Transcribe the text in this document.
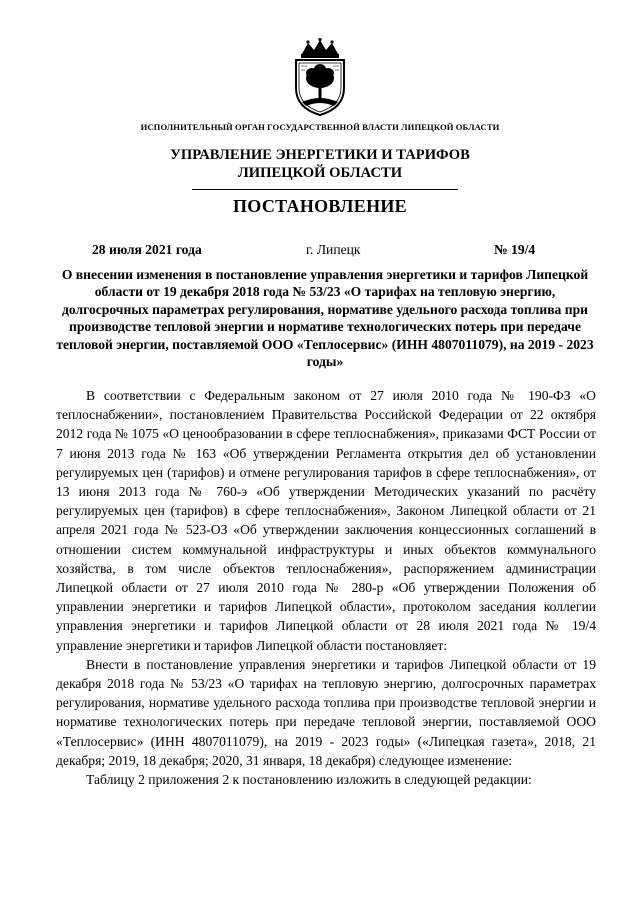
ИСПОЛНИТЕЛЬНЫЙ ОРГАН ГОСУДАРСТВЕННОЙ ВЛАСТИ ЛИПЕЦКОЙ ОБЛАСТИ
УПРАВЛЕНИЕ ЭНЕРГЕТИКИ И ТАРИФОВ
ЛИПЕЦКОЙ ОБЛАСТИ
ПОСТАНОВЛЕНИЕ
28 июля 2021 года	г. Липецк	№ 19/4

О внесении изменения в постановление управления энергетики и тарифов Липецкой области от 19 декабря 2018 года № 53/23 «О тарифах на тепловую энергию, долгосрочных параметрах регулирования, нормативе удельного расхода топлива при производстве тепловой энергии и нормативе технологических потерь при передаче тепловой энергии, поставляемой ООО «Теплосервис» (ИНН 4807011079), на 2019 - 2023 годы»

В соответствии с Федеральным законом от 27 июля 2010 года № 190-ФЗ «О теплоснабжении», постановлением Правительства Российской Федерации от 22 октября 2012 года № 1075 «О ценообразовании в сфере теплоснабжения», приказами ФСТ России от 7 июня 2013 года № 163 «Об утверждении Регламента открытия дел об установлении регулируемых цен (тарифов) и отмене регулирования тарифов в сфере теплоснабжения», от 13 июня 2013 года № 760-э «Об утверждении Методических указаний по расчёту регулируемых цен (тарифов) в сфере теплоснабжения», Законом Липецкой области от 21 апреля 2021 года № 523-ОЗ «Об утверждении заключения концессионных соглашений в отношении систем коммунальной инфраструктуры и иных объектов коммунального хозяйства, в том числе объектов теплоснабжения», распоряжением администрации Липецкой области от 27 июля 2010 года № 280-р «Об утверждении Положения об управлении энергетики и тарифов Липецкой области», протоколом заседания коллегии управления энергетики и тарифов Липецкой области от 28 июля 2021 года № 19/4 управление энергетики и тарифов Липецкой области постановляет:

Внести в постановление управления энергетики и тарифов Липецкой области от 19 декабря 2018 года № 53/23 «О тарифах на тепловую энергию, долгосрочных параметрах регулирования, нормативе удельного расхода топлива при производстве тепловой энергии и нормативе технологических потерь при передаче тепловой энергии, поставляемой ООО «Теплосервис» (ИНН 4807011079), на 2019 - 2023 годы» («Липецкая газета», 2018, 21 декабря; 2019, 18 декабря; 2020, 31 января, 18 декабря) следующее изменение:

Таблицу 2 приложения 2 к постановлению изложить в следующей редакции:
